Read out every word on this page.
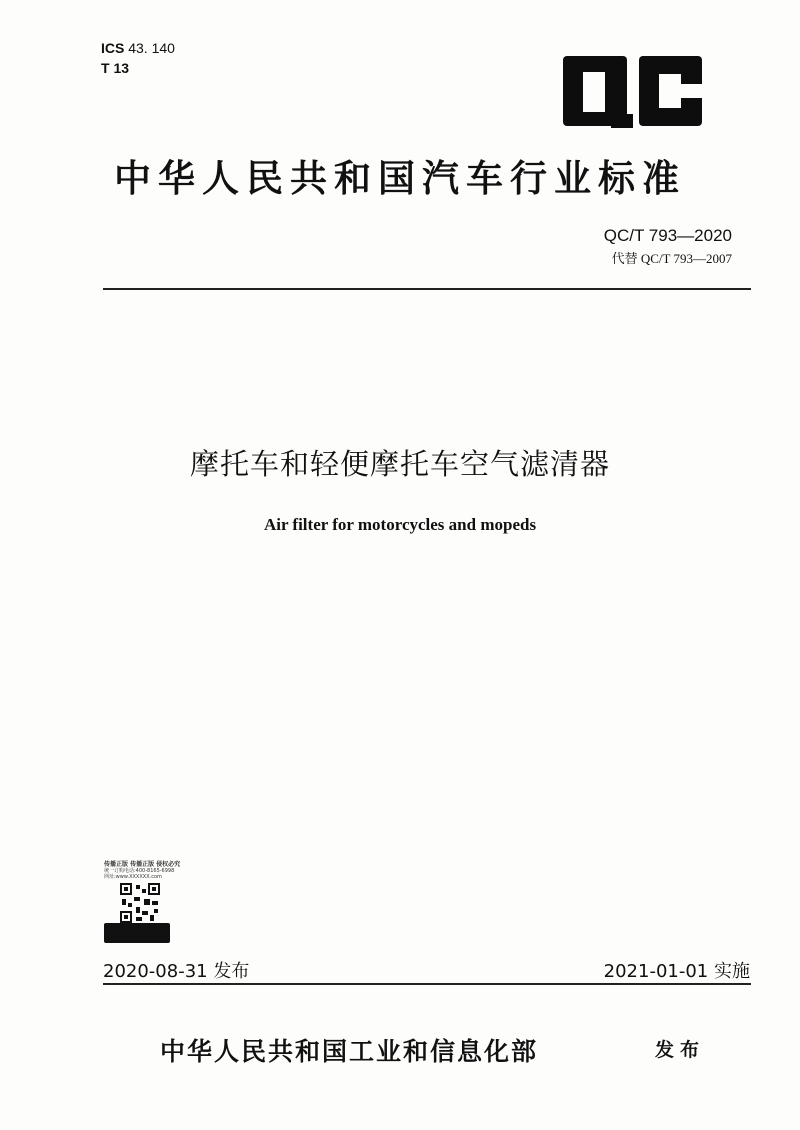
ICS 43. 140
T 13
中华人民共和国汽车行业标准
QC/T 793—2020
代替 QC/T 793—2007
摩托车和轻便摩托车空气滤清器
Air filter for motorcycles and mopeds
传播正版 传播正版 侵权必究
统一订购电话:400-8165-6998
网址:www.XXXXXX.com
2020-08-31 发布	2021-01-01 实施
中华人民共和国工业和信息化部	发布
